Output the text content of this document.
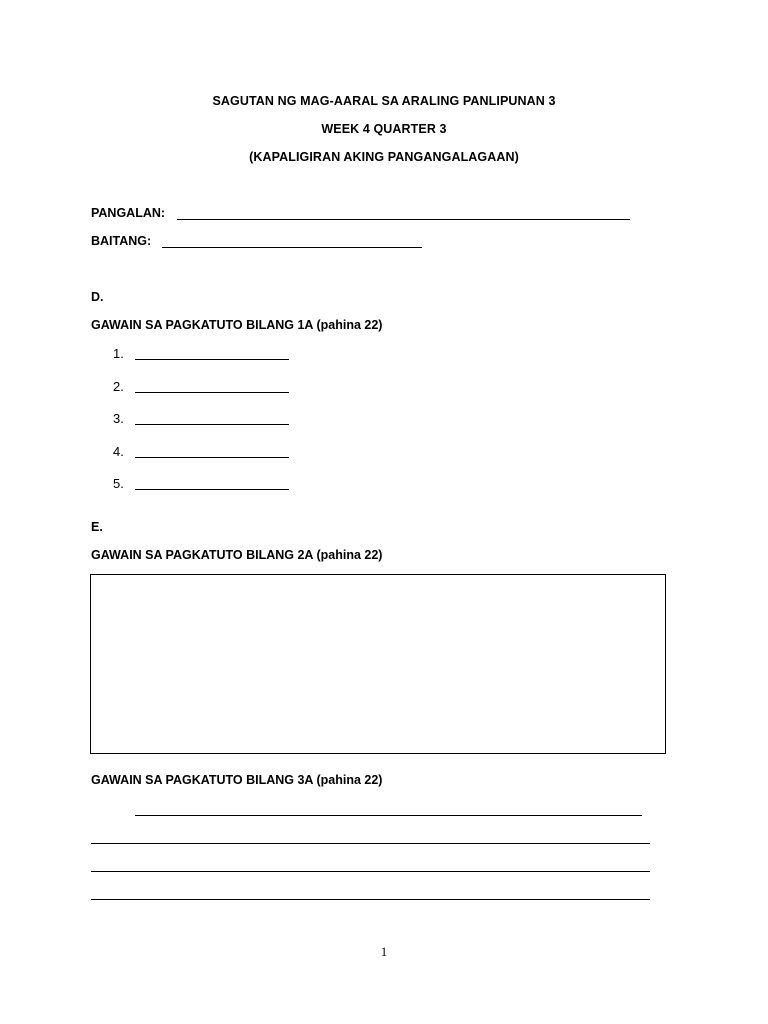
SAGUTAN NG MAG-AARAL SA ARALING PANLIPUNAN 3
WEEK 4 QUARTER 3
(KAPALIGIRAN AKING PANGANGALAGAAN)
PANGALAN:
BAITANG:
D.
GAWAIN SA PAGKATUTO BILANG 1A (pahina 22)
1.
2.
3.
4.
5.
E.
GAWAIN SA PAGKATUTO BILANG 2A (pahina 22)
GAWAIN SA PAGKATUTO BILANG 3A (pahina 22)
1
